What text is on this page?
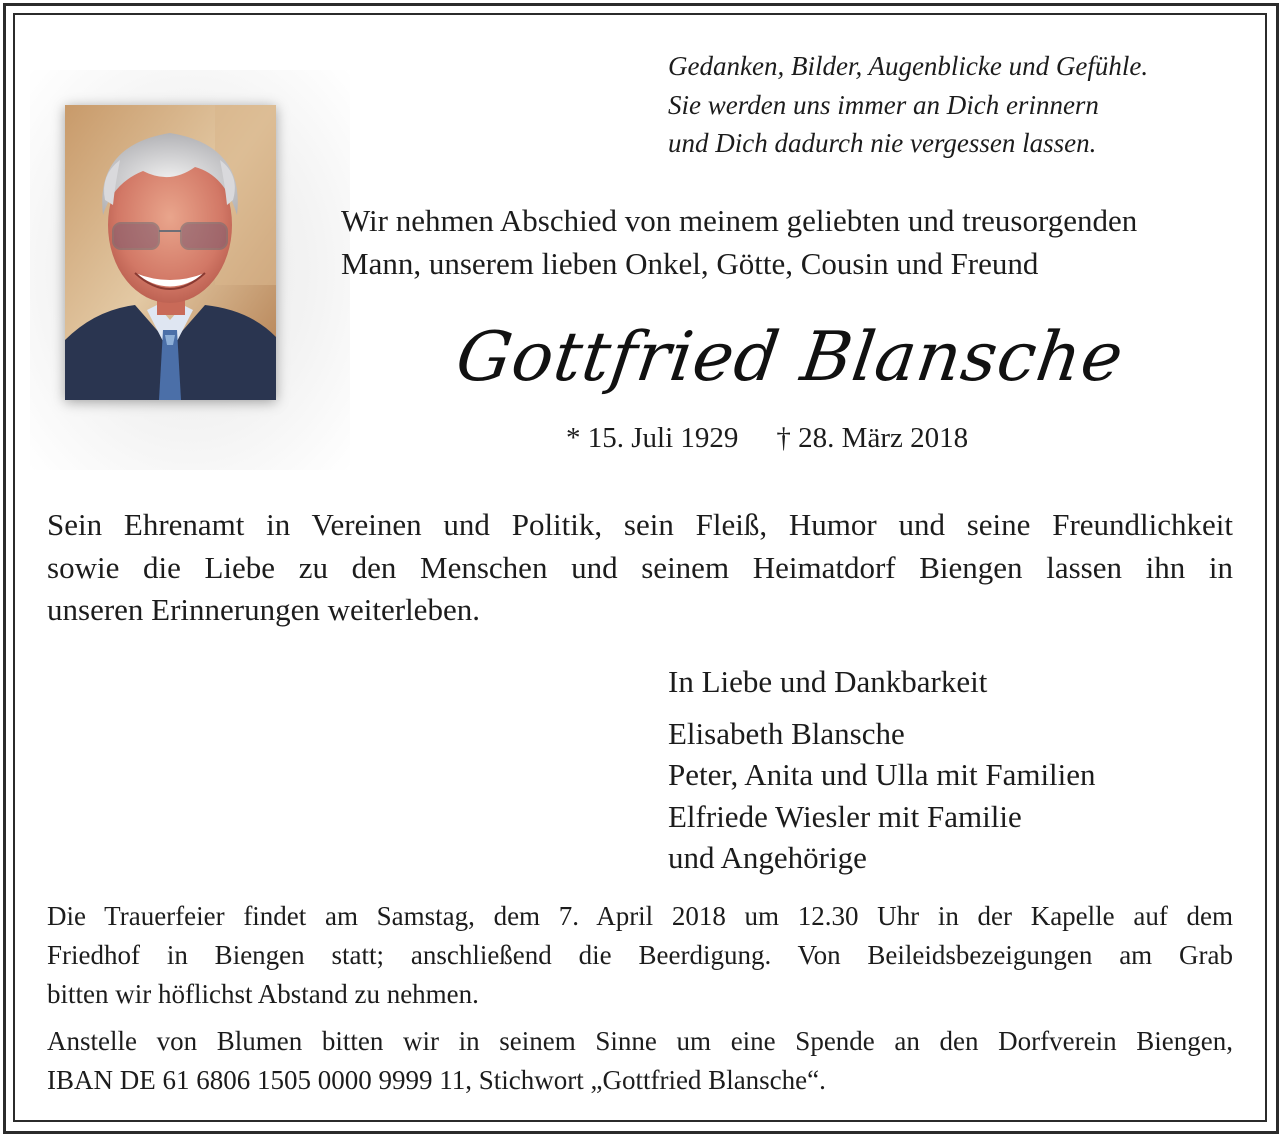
Gedanken, Bilder, Augenblicke und Gefühle.
Sie werden uns immer an Dich erinnern
und Dich dadurch nie vergessen lassen.
Wir nehmen Abschied von meinem geliebten und treusorgenden
Mann, unserem lieben Onkel, Götte, Cousin und Freund
Gottfried Blansche
* 15. Juli 1929 † 28. März 2018
Sein Ehrenamt in Vereinen und Politik, sein Fleiß, Humor und seine Freundlichkeit
sowie die Liebe zu den Menschen und seinem Heimatdorf Biengen lassen ihn in
unseren Erinnerungen weiterleben.
In Liebe und Dankbarkeit
Elisabeth Blansche
Peter, Anita und Ulla mit Familien
Elfriede Wiesler mit Familie
und Angehörige
Die Trauerfeier findet am Samstag, dem 7. April 2018 um 12.30 Uhr in der Kapelle auf dem
Friedhof in Biengen statt; anschließend die Beerdigung. Von Beileidsbezeigungen am Grab
bitten wir höflichst Abstand zu nehmen.
Anstelle von Blumen bitten wir in seinem Sinne um eine Spende an den Dorfverein Biengen,
IBAN DE 61 6806 1505 0000 9999 11, Stichwort „Gottfried Blansche“.
